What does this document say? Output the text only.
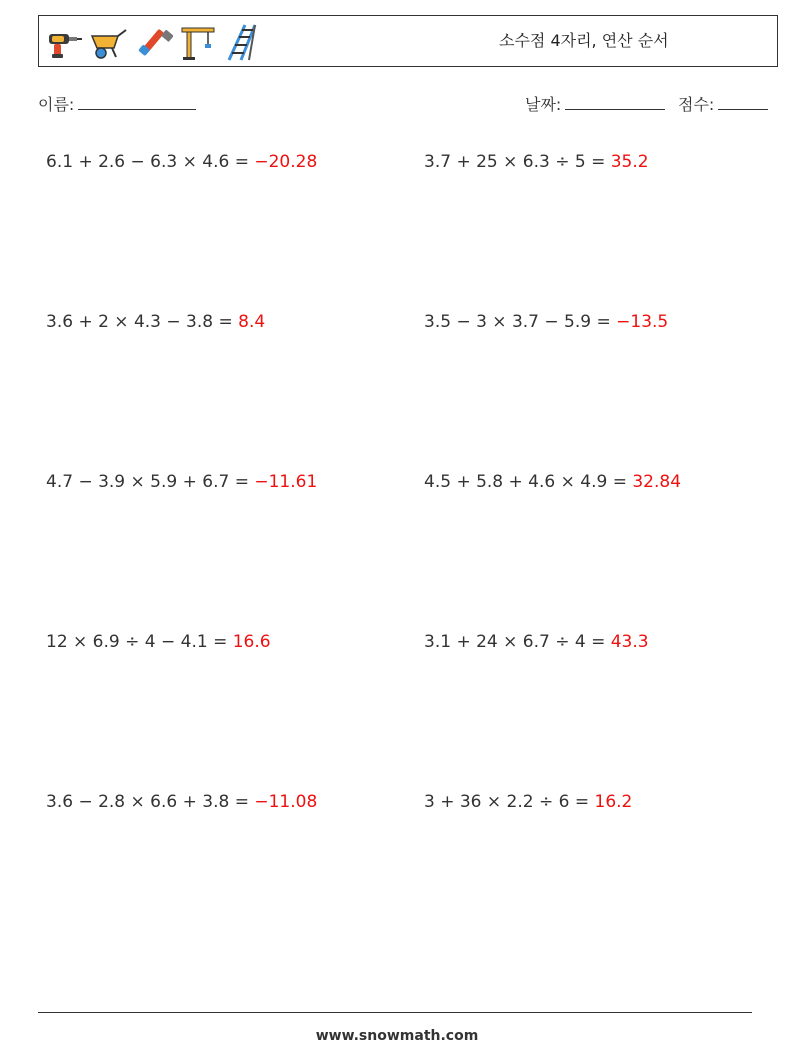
소수점 4자리, 연산 순서
이름:	날짜:	점수:
6.1 + 2.6 − 6.3 × 4.6 = −20.28	3.7 + 25 × 6.3 ÷ 5 = 35.2
3.6 + 2 × 4.3 − 3.8 = 8.4	3.5 − 3 × 3.7 − 5.9 = −13.5
4.7 − 3.9 × 5.9 + 6.7 = −11.61	4.5 + 5.8 + 4.6 × 4.9 = 32.84
12 × 6.9 ÷ 4 − 4.1 = 16.6	3.1 + 24 × 6.7 ÷ 4 = 43.3
3.6 − 2.8 × 6.6 + 3.8 = −11.08	3 + 36 × 2.2 ÷ 6 = 16.2
www.snowmath.com
